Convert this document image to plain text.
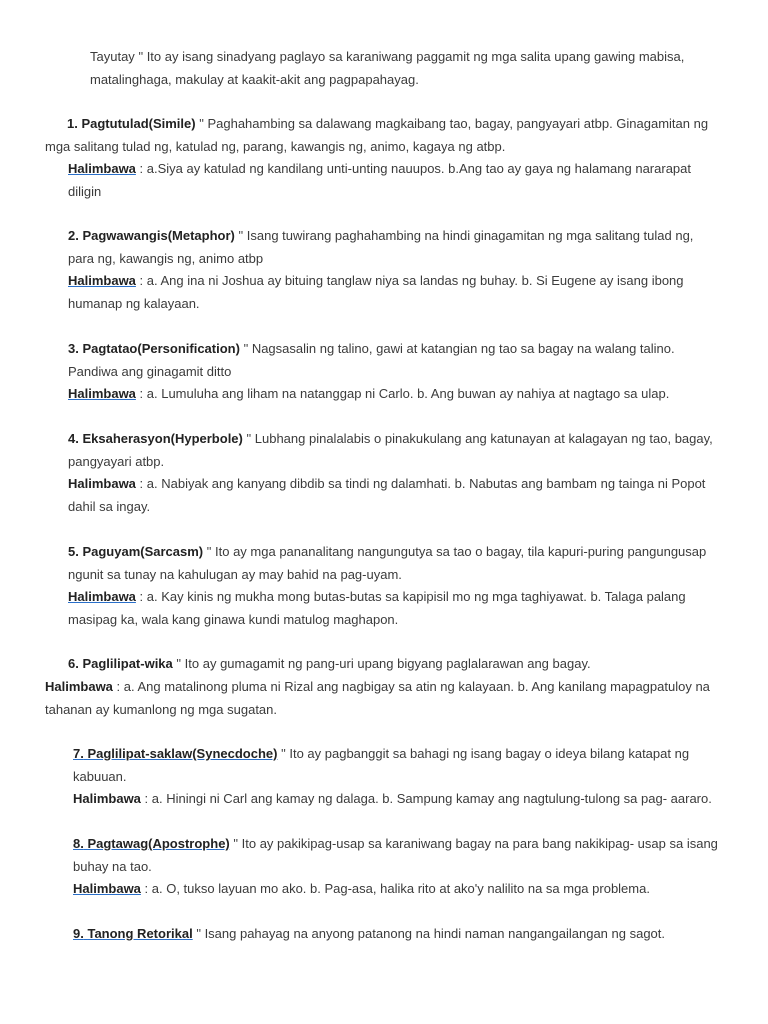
Tayutay " Ito ay isang sinadyang paglayo sa karaniwang paggamit ng mga salita upang gawing mabisa, matalinghaga, makulay at kaakit-akit ang pagpapahayag.

1. Pagtutulad(Simile) " Paghahambing sa dalawang magkaibang tao, bagay, pangyayari atbp. Ginagamitan ng mga salitang tulad ng, katulad ng, parang, kawangis ng, animo, kagaya ng atbp.

Halimbawa : a.Siya ay katulad ng kandilang unti-unting nauupos. b.Ang tao ay gaya ng halamang nararapat diligin

2. Pagwawangis(Metaphor) " Isang tuwirang paghahambing na hindi ginagamitan ng mga salitang tulad ng, para ng, kawangis ng, animo atbp

Halimbawa : a. Ang ina ni Joshua ay bituing tanglaw niya sa landas ng buhay. b. Si Eugene ay isang ibong humanap ng kalayaan.

3. Pagtatao(Personification) " Nagsasalin ng talino, gawi at katangian ng tao sa bagay na walang talino. Pandiwa ang ginagamit ditto

Halimbawa : a. Lumuluha ang liham na natanggap ni Carlo. b. Ang buwan ay nahiya at nagtago sa ulap.

4. Eksaherasyon(Hyperbole) " Lubhang pinalalabis o pinakukulang ang katunayan at kalagayan ng tao, bagay, pangyayari atbp.

Halimbawa : a. Nabiyak ang kanyang dibdib sa tindi ng dalamhati. b. Nabutas ang bambam ng tainga ni Popot dahil sa ingay.

5. Paguyam(Sarcasm) " Ito ay mga pananalitang nangungutya sa tao o bagay, tila kapuri-puring pangungusap ngunit sa tunay na kahulugan ay may bahid na pag-uyam.

Halimbawa : a. Kay kinis ng mukha mong butas-butas sa kapipisil mo ng mga taghiyawat. b. Talaga palang masipag ka, wala kang ginawa kundi matulog maghapon.

6. Paglilipat-wika " Ito ay gumagamit ng pang-uri upang bigyang paglalarawan ang bagay.

Halimbawa : a. Ang matalinong pluma ni Rizal ang nagbigay sa atin ng kalayaan. b. Ang kanilang mapagpatuloy na tahanan ay kumanlong ng mga sugatan.

7. Paglilipat-saklaw(Synecdoche) " Ito ay pagbanggit sa bahagi ng isang bagay o ideya bilang katapat ng kabuuan.

Halimbawa : a. Hiningi ni Carl ang kamay ng dalaga. b. Sampung kamay ang nagtulung-tulong sa pag- aararo.

8. Pagtawag(Apostrophe) " Ito ay pakikipag-usap sa karaniwang bagay na para bang nakikipag- usap sa isang buhay na tao.

Halimbawa : a. O, tukso layuan mo ako. b. Pag-asa, halika rito at ako'y nalilito na sa mga problema.

9. Tanong Retorikal " Isang pahayag na anyong patanong na hindi naman nangangailangan ng sagot.
